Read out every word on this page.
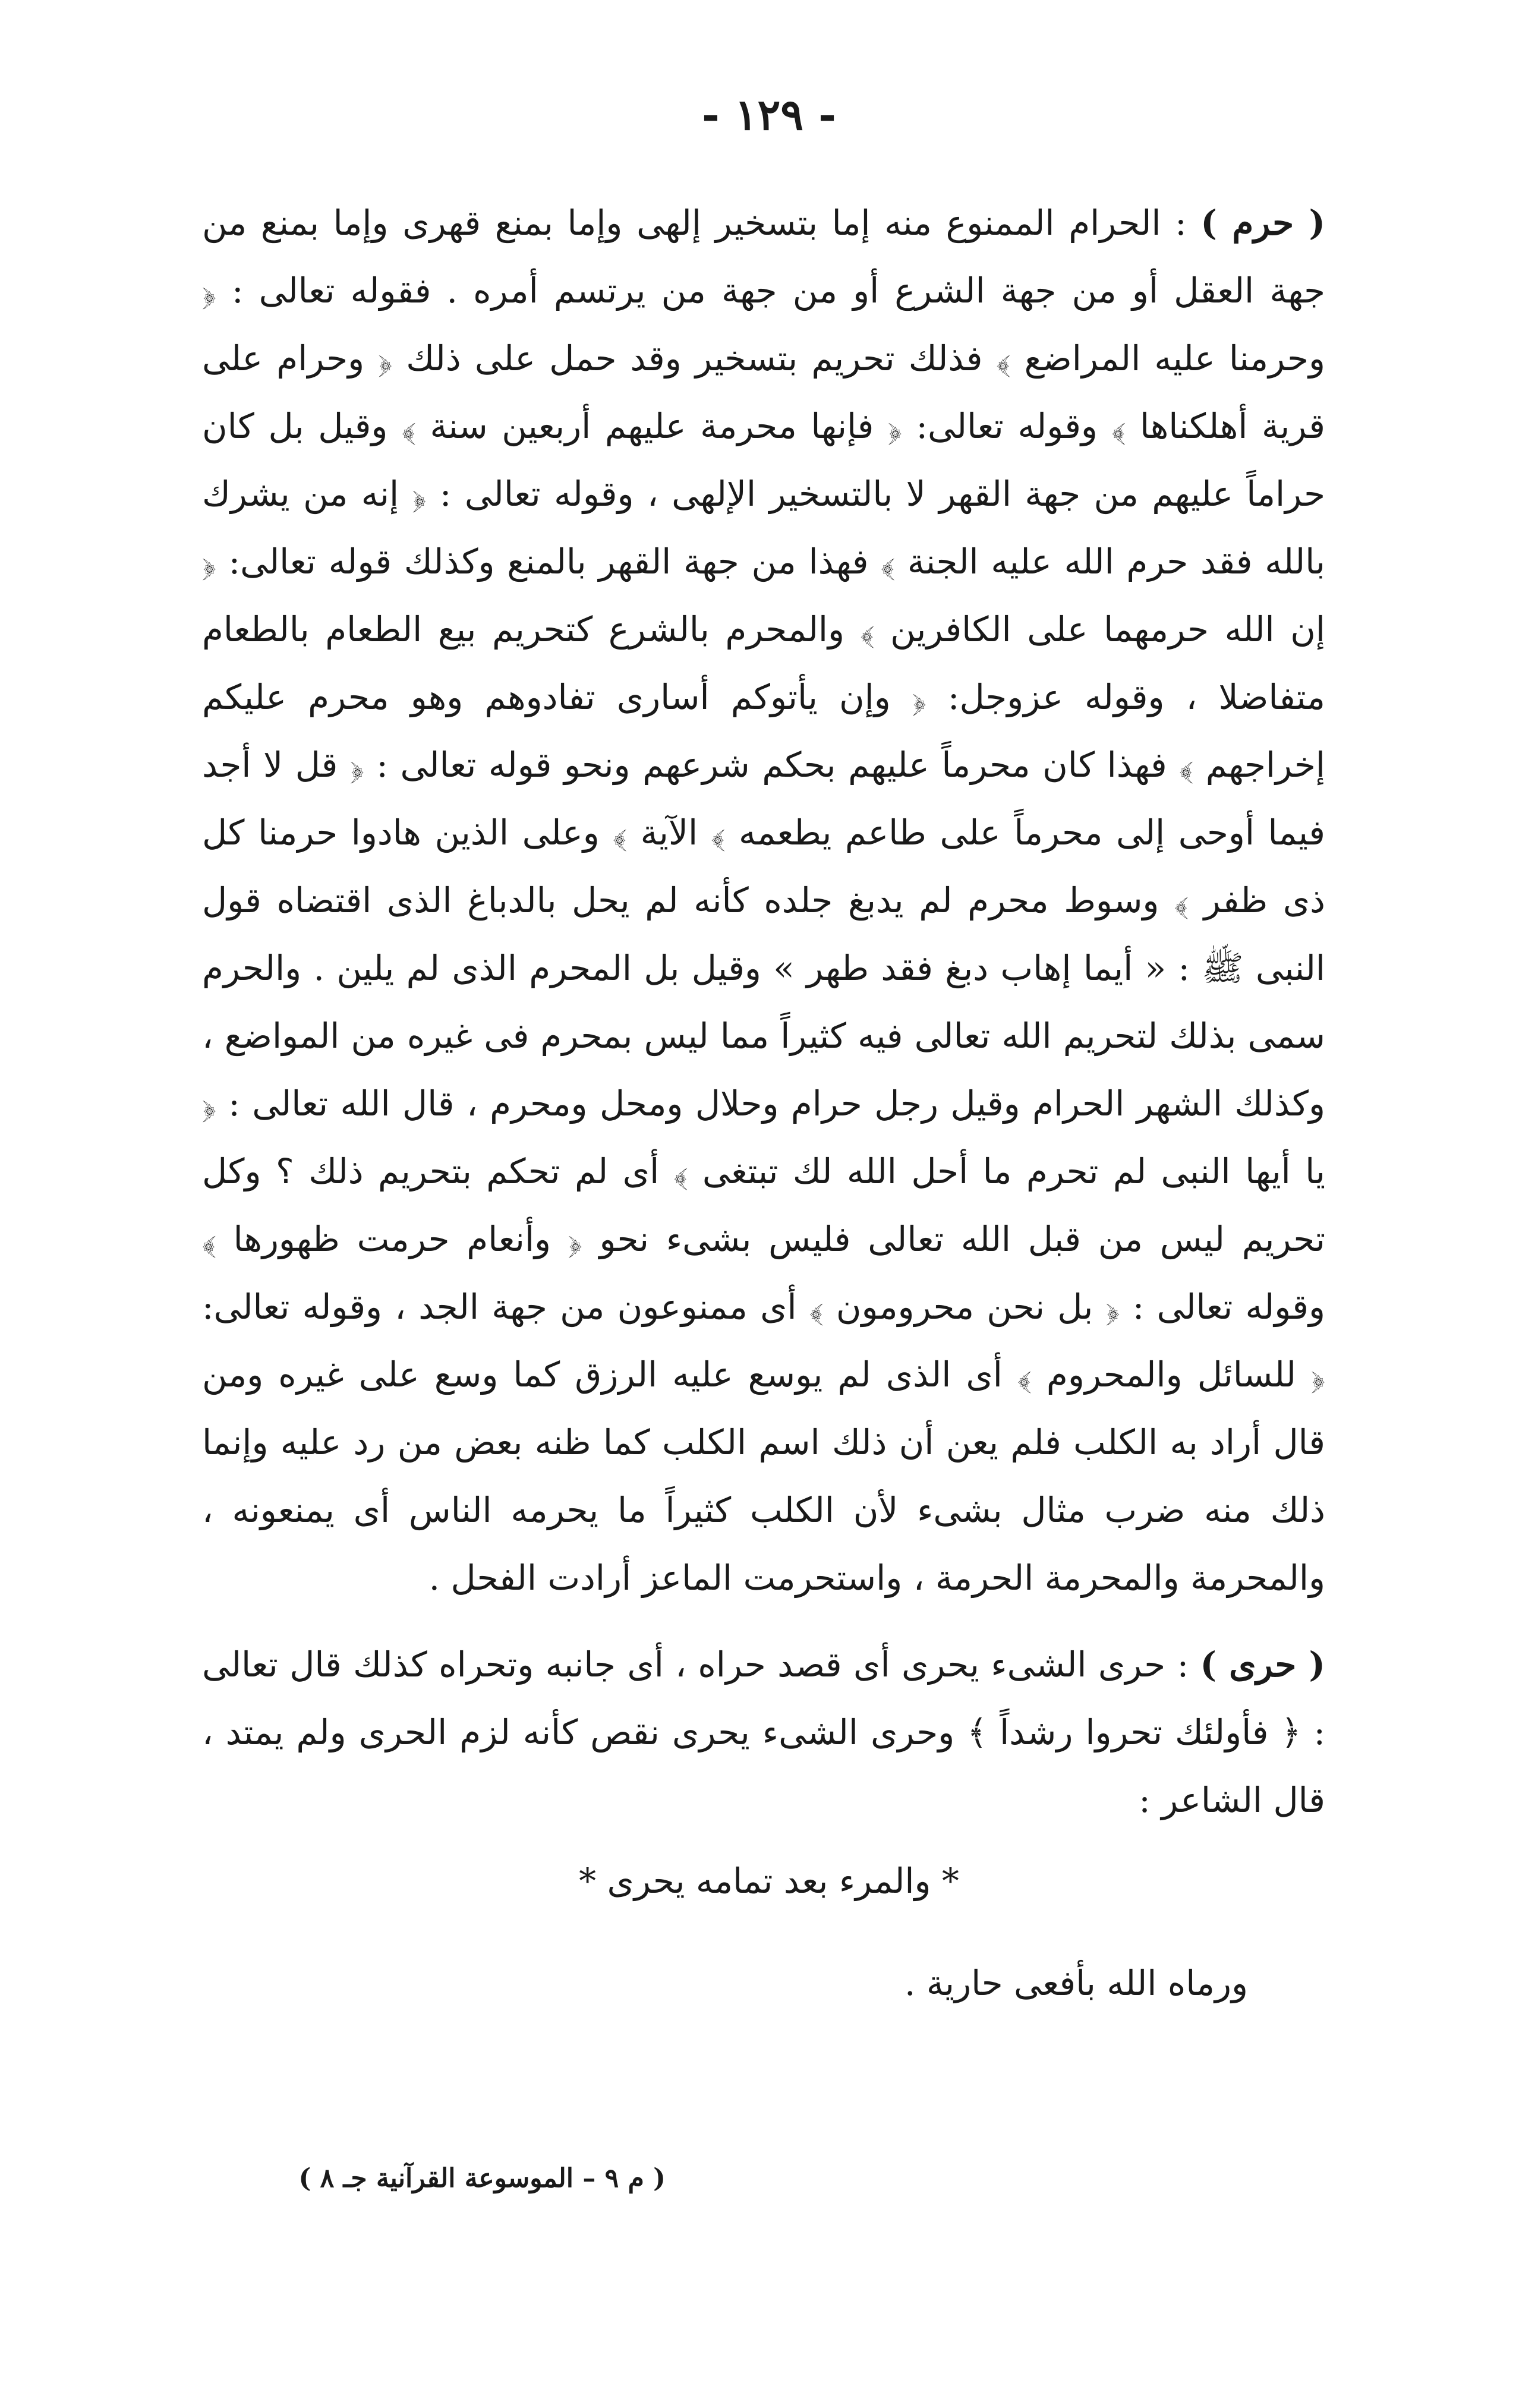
- ١٢٩ -

( حرم ) : الحرام الممنوع منه إما بتسخير إلهى وإما بمنع قهرى وإما بمنع من جهة العقل أو من جهة الشرع أو من جهة من يرتسم أمره . فقوله تعالى : ﴿ وحرمنا عليه المراضع ﴾ فذلك تحريم بتسخير وقد حمل على ذلك ﴿ وحرام على قرية أهلكناها ﴾ وقوله تعالى: ﴿ فإنها محرمة عليهم أربعين سنة ﴾ وقيل بل كان حراماً عليهم من جهة القهر لا بالتسخير الإلهى ، وقوله تعالى : ﴿ إنه من يشرك بالله فقد حرم الله عليه الجنة ﴾ فهذا من جهة القهر بالمنع وكذلك قوله تعالى: ﴿ إن الله حرمهما على الكافرين ﴾ والمحرم بالشرع كتحريم بيع الطعام بالطعام متفاضلا ، وقوله عزوجل: ﴿ وإن يأتوكم أسارى تفادوهم وهو محرم عليكم إخراجهم ﴾ فهذا كان محرماً عليهم بحكم شرعهم ونحو قوله تعالى : ﴿ قل لا أجد فيما أوحى إلى محرماً على طاعم يطعمه ﴾ الآية ﴾ وعلى الذين هادوا حرمنا كل ذى ظفر ﴾ وسوط محرم لم يدبغ جلده كأنه لم يحل بالدباغ الذى اقتضاه قول النبى ﷺ : « أيما إهاب دبغ فقد طهر » وقيل بل المحرم الذى لم يلين . والحرم سمى بذلك لتحريم الله تعالى فيه كثيراً مما ليس بمحرم فى غيره من المواضع ، وكذلك الشهر الحرام وقيل رجل حرام وحلال ومحل ومحرم ، قال الله تعالى : ﴿ يا أيها النبى لم تحرم ما أحل الله لك تبتغى ﴾ أى لم تحكم بتحريم ذلك ؟ وكل تحريم ليس من قبل الله تعالى فليس بشىء نحو ﴿ وأنعام حرمت ظهورها ﴾ وقوله تعالى : ﴿ بل نحن محرومون ﴾ أى ممنوعون من جهة الجد ، وقوله تعالى: ﴿ للسائل والمحروم ﴾ أى الذى لم يوسع عليه الرزق كما وسع على غيره ومن قال أراد به الكلب فلم يعن أن ذلك اسم الكلب كما ظنه بعض من رد عليه وإنما ذلك منه ضرب مثال بشىء لأن الكلب كثيراً ما يحرمه الناس أى يمنعونه ، والمحرمة والمحرمة الحرمة ، واستحرمت الماعز أرادت الفحل .

( حرى ) : حرى الشىء يحرى أى قصد حراه ، أى جانبه وتحراه كذلك قال تعالى : ﴿ فأولئك تحروا رشداً ﴾ وحرى الشىء يحرى نقص كأنه لزم الحرى ولم يمتد ، قال الشاعر :

* والمرء بعد تمامه يحرى *
ورماه الله بأفعى حارية .
( م ٩ – الموسوعة القرآنية جـ ٨ )
